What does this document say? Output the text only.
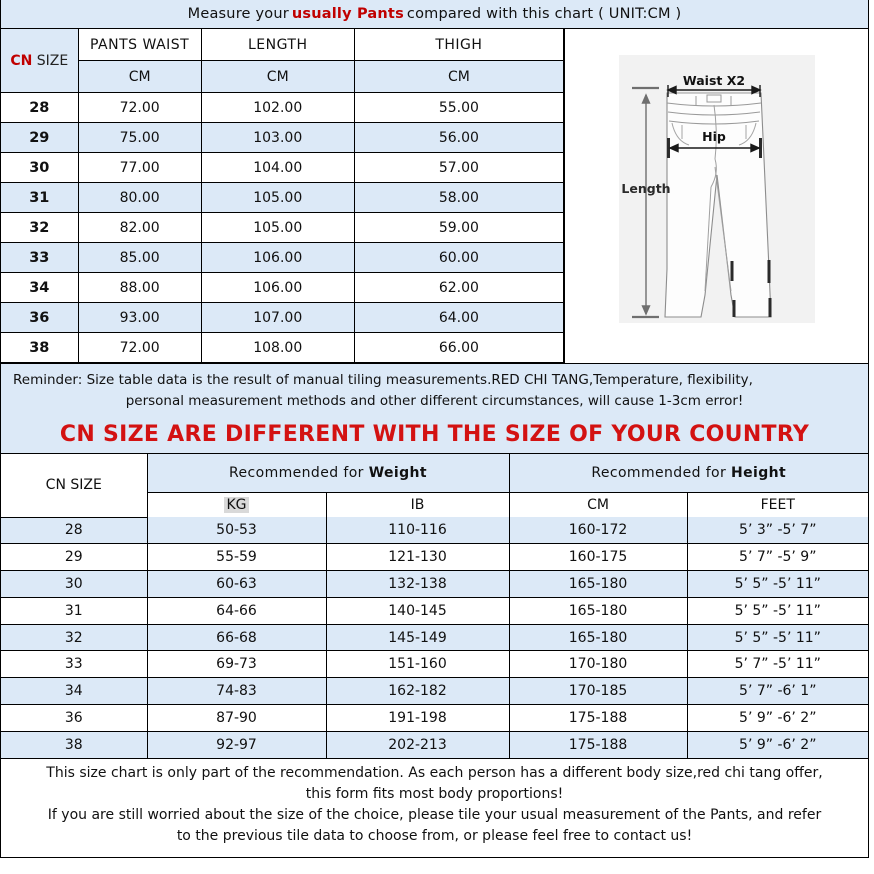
Measure your usually Pants compared with this chart ( UNIT:CM )
CN SIZE	PANTS WAIST	LENGTH	THIGH
	CM	CM	CM
28	72.00	102.00	55.00
29	75.00	103.00	56.00
30	77.00	104.00	57.00
31	80.00	105.00	58.00
32	82.00	105.00	59.00
33	85.00	106.00	60.00
34	88.00	106.00	62.00
36	93.00	107.00	64.00
38	72.00	108.00	66.00
Waist X2
Hip
Length
Reminder: Size table data is the result of manual tiling measurements.RED CHI TANG,Temperature, flexibility,
personal measurement methods and other different circumstances, will cause 1-3cm error!
CN SIZE ARE DIFFERENT WITH THE SIZE OF YOUR COUNTRY
CN SIZE	Recommended for Weight		Recommended for Height	
	KG	IB	CM	FEET
28	50-53	110-116	160-172	5’ 3” -5’ 7”
29	55-59	121-130	160-175	5’ 7” -5’ 9”
30	60-63	132-138	165-180	5’ 5” -5’ 11”
31	64-66	140-145	165-180	5’ 5” -5’ 11”
32	66-68	145-149	165-180	5’ 5” -5’ 11”
33	69-73	151-160	170-180	5’ 7” -5’ 11”
34	74-83	162-182	170-185	5’ 7” -6’ 1”
36	87-90	191-198	175-188	5’ 9” -6’ 2”
38	92-97	202-213	175-188	5’ 9” -6’ 2”
This size chart is only part of the recommendation. As each person has a different body size,red chi tang offer,
this form fits most body proportions!
If you are still worried about the size of the choice, please tile your usual measurement of the Pants, and refer
to the previous tile data to choose from, or please feel free to contact us!
